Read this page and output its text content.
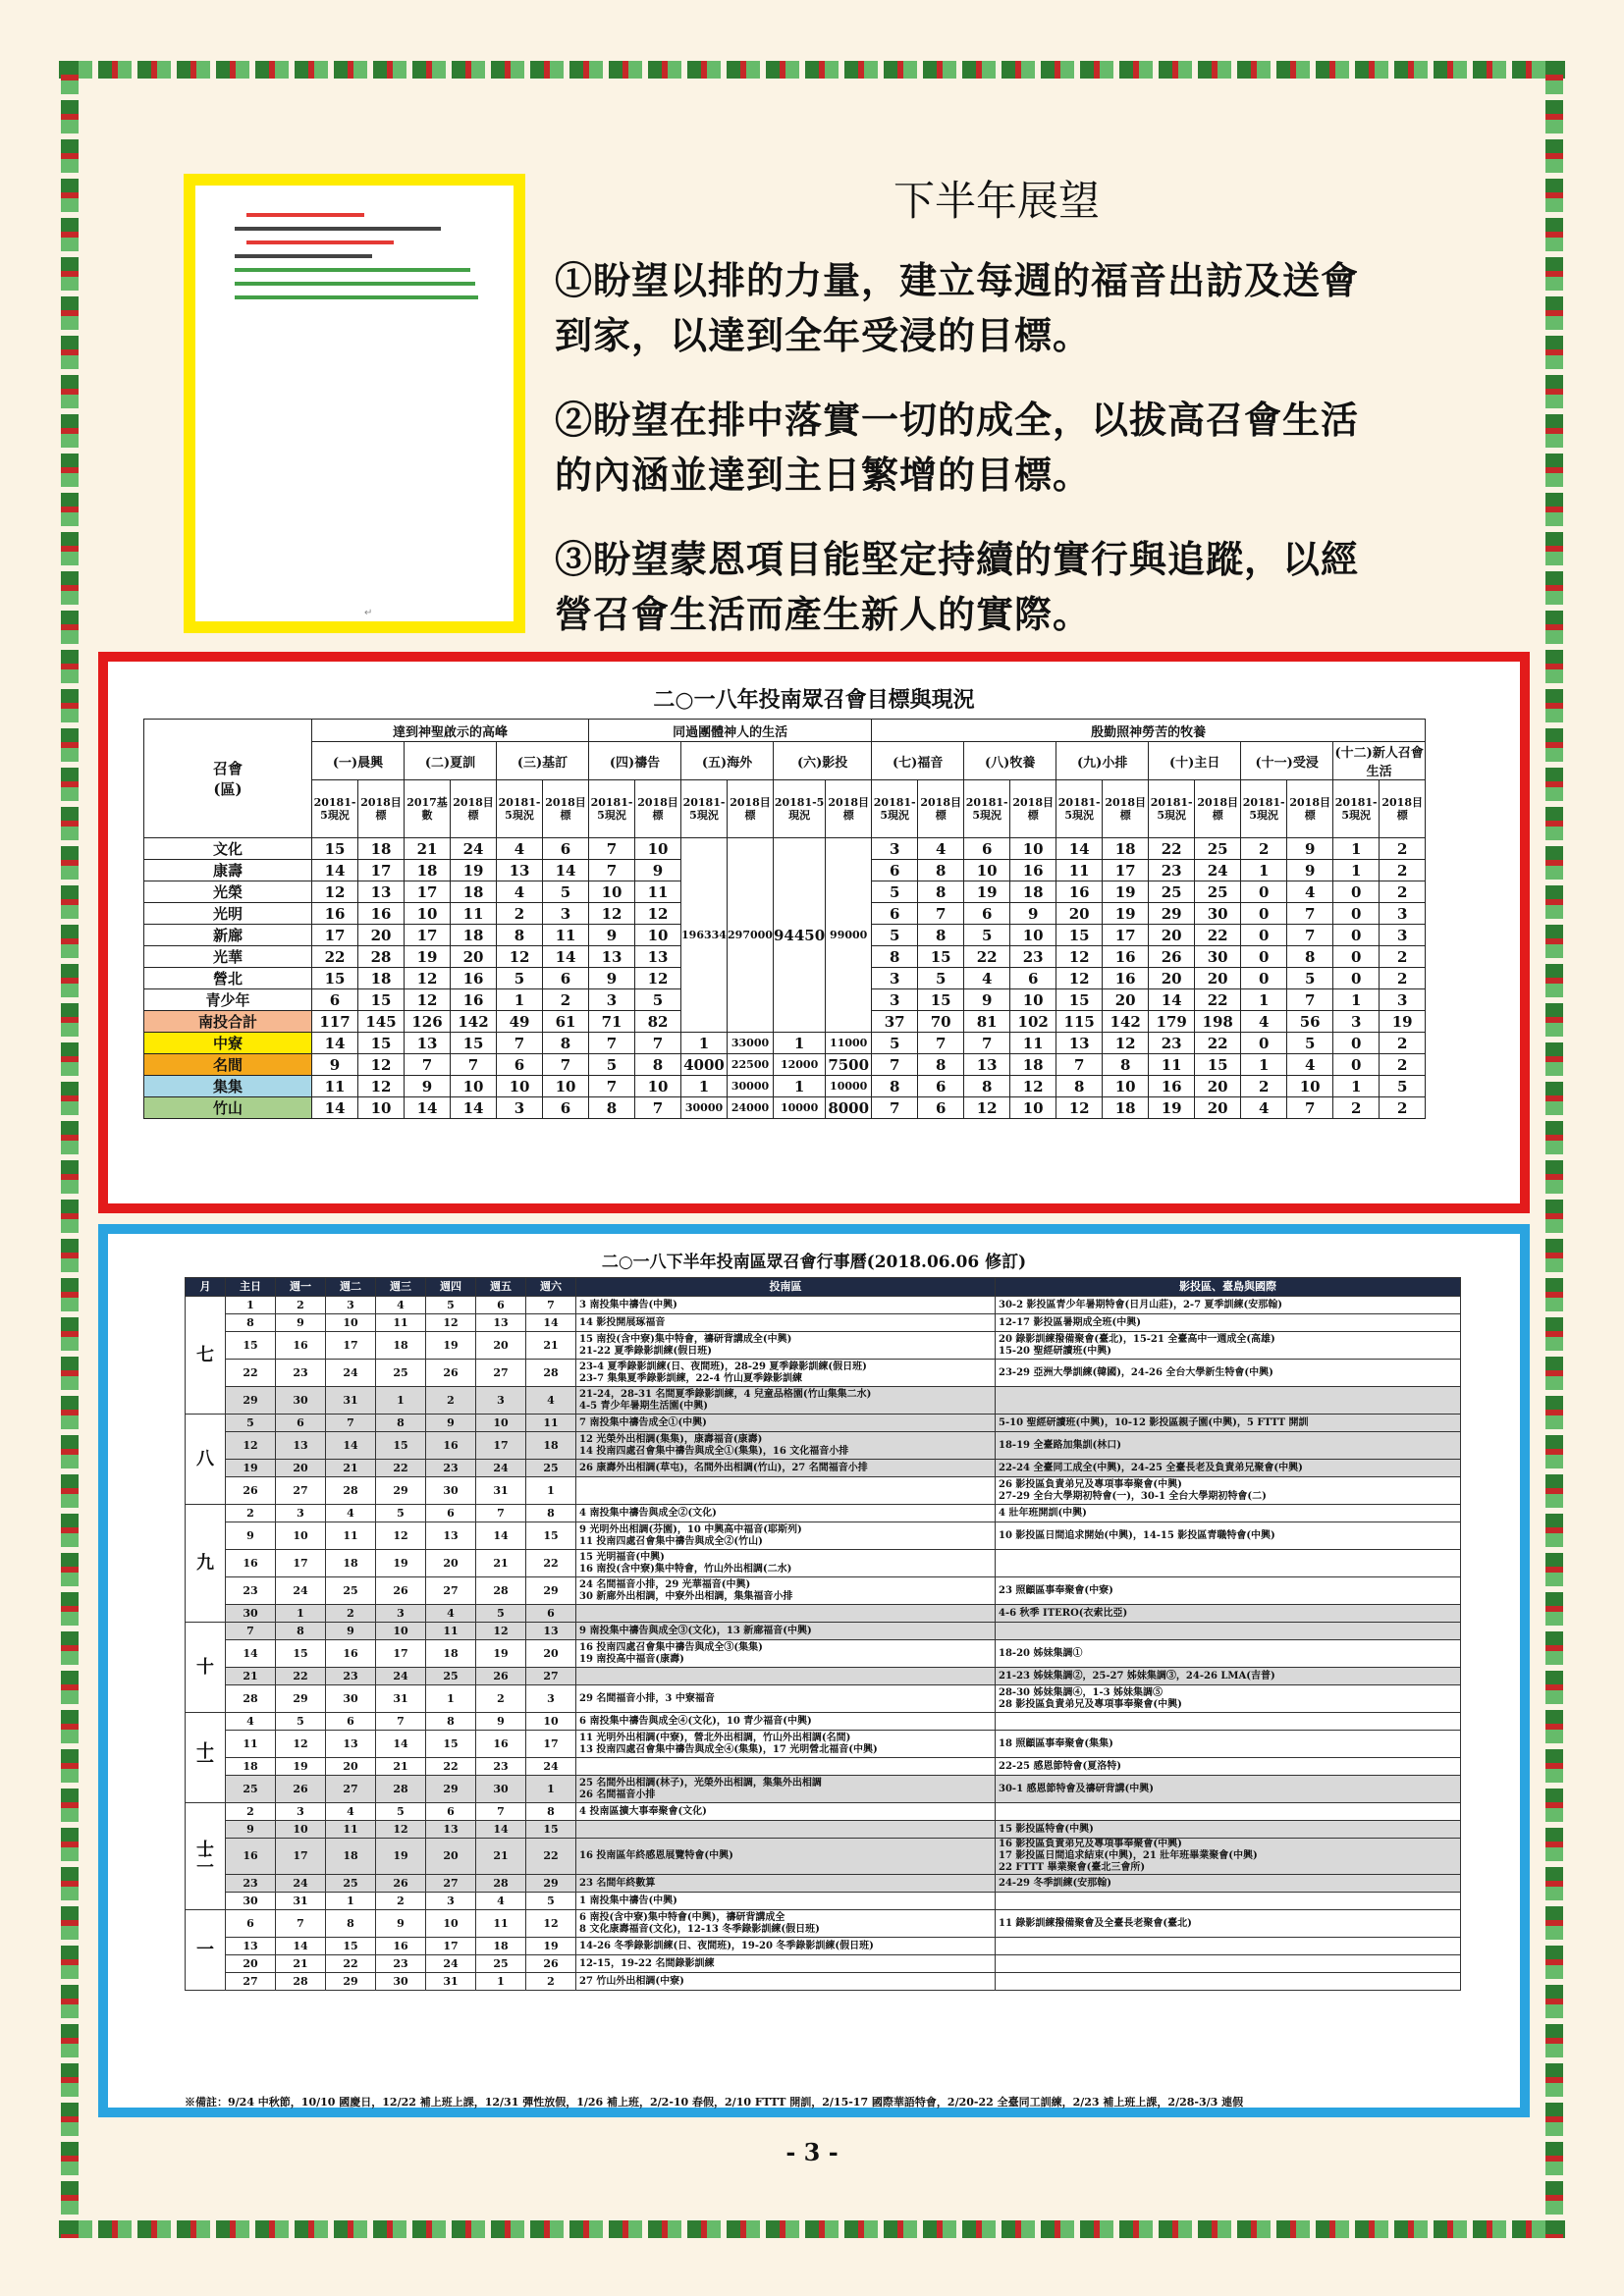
↵
下半年展望
①盼望以排的力量，建立每週的福音出訪及送會
到家，以達到全年受浸的目標。
②盼望在排中落實一切的成全，以拔高召會生活
的內涵並達到主日繁增的目標。
③盼望蒙恩項目能堅定持續的實行與追蹤，以經
營召會生活而產生新人的實際。
二○一八年投南眾召會目標與現況
召會
(區)	達到神聖啟示的高峰						同過團體神人的生活						殷勤照神勞苦的牧養											
	(一)晨興		(二)夏訓		(三)基訂		(四)禱告		(五)海外		(六)影投		(七)福音		(八)牧養		(九)小排		(十)主日		(十一)受浸		(十二)新人召會生活	
	20181-5現況	2018目標	2017基數	2018目標	20181-5現況	2018目標	20181-5現況	2018目標	20181-5現況	2018目標	20181-5現況	2018目標	20181-5現況	2018目標	20181-5現況	2018目標	20181-5現況	2018目標	20181-5現況	2018目標	20181-5現況	2018目標	20181-5現況	2018目標
文化	15	18	21	24	4	6	7	10	196334	297000	94450	99000	3	4	6	10	14	18	22	25	2	9	1	2
康壽	14	17	18	19	13	14	7	9					6	8	10	16	11	17	23	24	1	9	1	2
光榮	12	13	17	18	4	5	10	11					5	8	19	18	16	19	25	25	0	4	0	2
光明	16	16	10	11	2	3	12	12					6	7	6	9	20	19	29	30	0	7	0	3
新廍	17	20	17	18	8	11	9	10					5	8	5	10	15	17	20	22	0	7	0	3
光華	22	28	19	20	12	14	13	13					8	15	22	23	12	16	26	30	0	8	0	2
營北	15	18	12	16	5	6	9	12					3	5	4	6	12	16	20	20	0	5	0	2
青少年	6	15	12	16	1	2	3	5					3	15	9	10	15	20	14	22	1	7	1	3
南投合計	117	145	126	142	49	61	71	82					37	70	81	102	115	142	179	198	4	56	3	19
中寮	14	15	13	15	7	8	7	7	1	33000	1	11000	5	7	7	11	13	12	23	22	0	5	0	2
名間	9	12	7	7	6	7	5	8	4000	22500	12000	7500	7	8	13	18	7	8	11	15	1	4	0	2
集集	11	12	9	10	10	10	7	10	1	30000	1	10000	8	6	8	12	8	10	16	20	2	10	1	5
竹山	14	10	14	14	3	6	8	7	30000	24000	10000	8000	7	6	12	10	12	18	19	20	4	7	2	2
二○一八下半年投南區眾召會行事曆(2018.06.06 修訂)
月	主日	週一	週二	週三	週四	週五	週六	投南區	影投區、臺島與國際
七	1	2	3	4	5	6	7	3 南投集中禱告(中興)	30-2 影投區青少年暑期特會(日月山莊)，2-7 夏季訓練(安那翰)
	8	9	10	11	12	13	14	14 影投開展琢福音	12-17 影投區暑期成全班(中興)
	15	16	17	18	19	20	21	15 南投(含中寮)集中特會，禱研背講成全(中興)
21-22 夏季錄影訓練(假日班)	20 錄影訓練撥備聚會(臺北)，15-21 全臺高中一週成全(高雄)
15-20 聖經研讀班(中興)
	22	23	24	25	26	27	28	23-4 夏季錄影訓練(日、夜間班)，28-29 夏季錄影訓練(假日班)
23-7 集集夏季錄影訓練，22-4 竹山夏季錄影訓練	23-29 亞洲大學訓練(韓國)，24-26 全台大學新生特會(中興)
	29	30	31	1	2	3	4	21-24，28-31 名間夏季錄影訓練，4 兒童品格園(竹山集集二水)
4-5 青少年暑期生活園(中興)	
八	5	6	7	8	9	10	11	7 南投集中禱告成全①(中興)	5-10 聖經研讀班(中興)，10-12 影投區親子園(中興)，5 FTTT 開訓
	12	13	14	15	16	17	18	12 光榮外出相調(集集)，康壽福音(康壽)
14 投南四處召會集中禱告與成全①(集集)，16 文化福音小排	18-19 全臺路加集訓(林口)
	19	20	21	22	23	24	25	26 康壽外出相調(草屯)，名間外出相調(竹山)，27 名間福音小排	22-24 全臺同工成全(中興)，24-25 全臺長老及負責弟兄聚會(中興)
	26	27	28	29	30	31	1		26 影投區負責弟兄及專項事奉聚會(中興)
27-29 全台大學期初特會(一)，30-1 全台大學期初特會(二)
九	2	3	4	5	6	7	8	4 南投集中禱告與成全②(文化)	4 壯年班開訓(中興)
	9	10	11	12	13	14	15	9 光明外出相調(芬園)，10 中興高中福音(耶斯列)
11 投南四處召會集中禱告與成全②(竹山)	10 影投區日間追求開始(中興)，14-15 影投區青職特會(中興)
	16	17	18	19	20	21	22	15 光明福音(中興)
16 南投(含中寮)集中特會，竹山外出相調(二水)	
	23	24	25	26	27	28	29	24 名間福音小排，29 光華福音(中興)
30 新廍外出相調，中寮外出相調，集集福音小排	23 照顧區事奉聚會(中寮)
	30	1	2	3	4	5	6		4-6 秋季 ITERO(衣索比亞)
十	7	8	9	10	11	12	13	9 南投集中禱告與成全③(文化)，13 新廍福音(中興)	
	14	15	16	17	18	19	20	16 投南四處召會集中禱告與成全③(集集)
19 南投高中福音(康壽)	18-20 姊妹集調①
	21	22	23	24	25	26	27		21-23 姊妹集調②，25-27 姊妹集調③，24-26 LMA(吉普)
	28	29	30	31	1	2	3	29 名間福音小排，3 中寮福音	28-30 姊妹集調④，1-3 姊妹集調⑤
28 影投區負責弟兄及專項事奉聚會(中興)
十一	4	5	6	7	8	9	10	6 南投集中禱告與成全④(文化)，10 青少福音(中興)	
	11	12	13	14	15	16	17	11 光明外出相調(中寮)，營北外出相調，竹山外出相調(名間)
13 投南四處召會集中禱告與成全④(集集)，17 光明營北福音(中興)	18 照顧區事奉聚會(集集)
	18	19	20	21	22	23	24		22-25 感恩節特會(夏洛特)
	25	26	27	28	29	30	1	25 名間外出相調(林子)，光榮外出相調，集集外出相調
26 名間福音小排	30-1 感恩節特會及禱研背講(中興)
十二	2	3	4	5	6	7	8	4 投南區擴大事奉聚會(文化)	
	9	10	11	12	13	14	15		15 影投區特會(中興)
	16	17	18	19	20	21	22	16 投南區年終感恩展覽特會(中興)	16 影投區負責弟兄及專項事奉聚會(中興)
17 影投區日間追求結束(中興)，21 壯年班畢業聚會(中興)
22 FTTT 畢業聚會(臺北三會所)
	23	24	25	26	27	28	29	23 名間年終數算	24-29 冬季訓練(安那翰)
	30	31	1	2	3	4	5	1 南投集中禱告(中興)	
一	6	7	8	9	10	11	12	6 南投(含中寮)集中特會(中興)，禱研背講成全
8 文化康壽福音(文化)，12-13 冬季錄影訓練(假日班)	11 錄影訓練撥備聚會及全臺長老聚會(臺北)
	13	14	15	16	17	18	19	14-26 冬季錄影訓練(日、夜間班)，19-20 冬季錄影訓練(假日班)	
	20	21	22	23	24	25	26	12-15，19-22 名間錄影訓練	
	27	28	29	30	31	1	2	27 竹山外出相調(中寮)	
※備註：9/24 中秋節，10/10 國慶日，12/22 補上班上課，12/31 彈性放假，1/26 補上班，2/2-10 春假，2/10 FTTT 開訓，2/15-17 國際華語特會，2/20-22 全臺同工訓練，2/23 補上班上課，2/28-3/3 連假
- 3 -
